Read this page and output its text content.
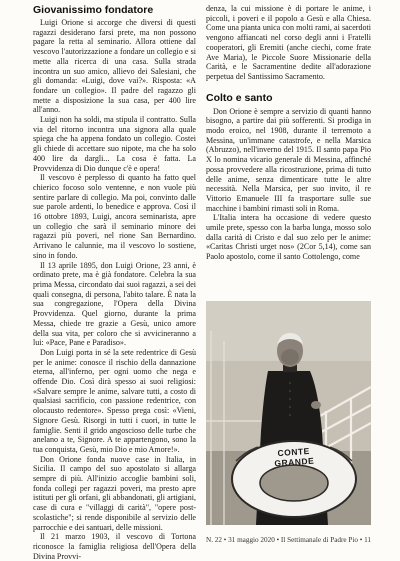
Giovanissimo fondatore

Luigi Orione si accorge che diversi di questi ragazzi desiderano farsi prete, ma non possono pagare la retta al seminario. Allora ottiene dal vescovo l'autorizzazione a fondare un collegio e si mette alla ricerca di una casa. Sulla strada incontra un suo amico, allievo dei Salesiani, che gli domanda: «Luigi, dove vai?». Risposta: «A fondare un collegio». Il padre del ragazzo gli mette a disposizione la sua casa, per 400 lire all'anno.

Luigi non ha soldi, ma stipula il contratto. Sulla via del ritorno incontra una signora alla quale spiega che ha appena fondato un collegio. Costei gli chiede di accettare suo nipote, ma che ha solo 400 lire da dargli... La cosa è fatta. La Provvidenza di Dio dunque c'è e opera!

Il vescovo è perplesso di quanto ha fatto quel chierico focoso solo ventenne, e non vuole più sentire parlare di collegio. Ma poi, convinto dalle sue parole ardenti, lo benedice e approva. Così il 16 ottobre 1893, Luigi, ancora seminarista, apre un collegio che sarà il seminario minore dei ragazzi più poveri, nel rione San Bernardino. Arrivano le calunnie, ma il vescovo lo sostiene, sino in fondo.

Il 13 aprile 1895, don Luigi Orione, 23 anni, è ordinato prete, ma è già fondatore. Celebra la sua prima Messa, circondato dai suoi ragazzi, a sei dei quali consegna, di persona, l'abito talare. È nata la sua congregazione, l'Opera della Divina Provvidenza. Quel giorno, durante la prima Messa, chiede tre grazie a Gesù, unico amore della sua vita, per coloro che si avvicineranno a lui: «Pace, Pane e Paradiso».

Don Luigi porta in sé la sete redentrice di Gesù per le anime: conosce il rischio della dannazione eterna, all'inferno, per ogni uomo che nega e offende Dio. Così dirà spesso ai suoi religiosi: «Salvare sempre le anime, salvare tutti, a costo di qualsiasi sacrificio, con passione redentrice, con olocausto redentore». Spesso prega così: «Vieni, Signore Gesù. Risorgi in tutti i cuori, in tutte le famiglie. Senti il grido angoscioso delle turbe che anelano a te, Signore. A te appartengono, sono la tua conquista, Gesù, mio Dio e mio Amore!».

Don Orione fonda nuove case in Italia, in Sicilia. Il campo del suo apostolato si allarga sempre di più. All'inizio accoglie bambini soli, fonda collegi per ragazzi poveri, ma presto apre istituti per gli orfani, gli abbandonati, gli artigiani, case di cura e "villaggi di carità", "opere post-scolastiche"; si rende disponibile al servizio delle parrocchie e dei santuari, delle missioni.

Il 21 marzo 1903, il vescovo di Tortona riconosce la famiglia religiosa dell'Opera della Divina Provvi-

denza, la cui missione è di portare le anime, i piccoli, i poveri e il popolo a Gesù e alla Chiesa. Come una pianta unica con molti rami, ai sacerdoti vengono affiancati nel corso degli anni i Fratelli cooperatori, gli Eremiti (anche ciechi, come frate Ave Maria), le Piccole Suore Missionarie della Carità, e le Sacramentine dedite all'adorazione perpetua del Santissimo Sacramento.

Colto e santo

Don Orione è sempre a servizio di quanti hanno bisogno, a partire dai più sofferenti. Si prodiga in modo eroico, nel 1908, durante il terremoto a Messina, un'immane catastrofe, e nella Marsica (Abruzzo), nell'inverno del 1915. Il santo papa Pio X lo nomina vicario generale di Messina, affinché possa provvedere alla ricostruzione, prima di tutto delle anime, senza dimenticare tutte le altre necessità. Nella Marsica, per suo invito, il re Vittorio Emanuele III fa trasportare sulle sue macchine i bambini rimasti soli in Roma.

L'Italia intera ha occasione di vedere questo umile prete, spesso con la barba lunga, mosso solo dalla carità di Cristo e dal suo zelo per le anime: «Caritas Christi urget nos» (2Cor 5,14), come san Paolo apostolo, come il santo Cottolengo, come

CONTE GRANDE
N. 22 • 31 maggio 2020 • Il Settimanale di Padre Pio • 11
